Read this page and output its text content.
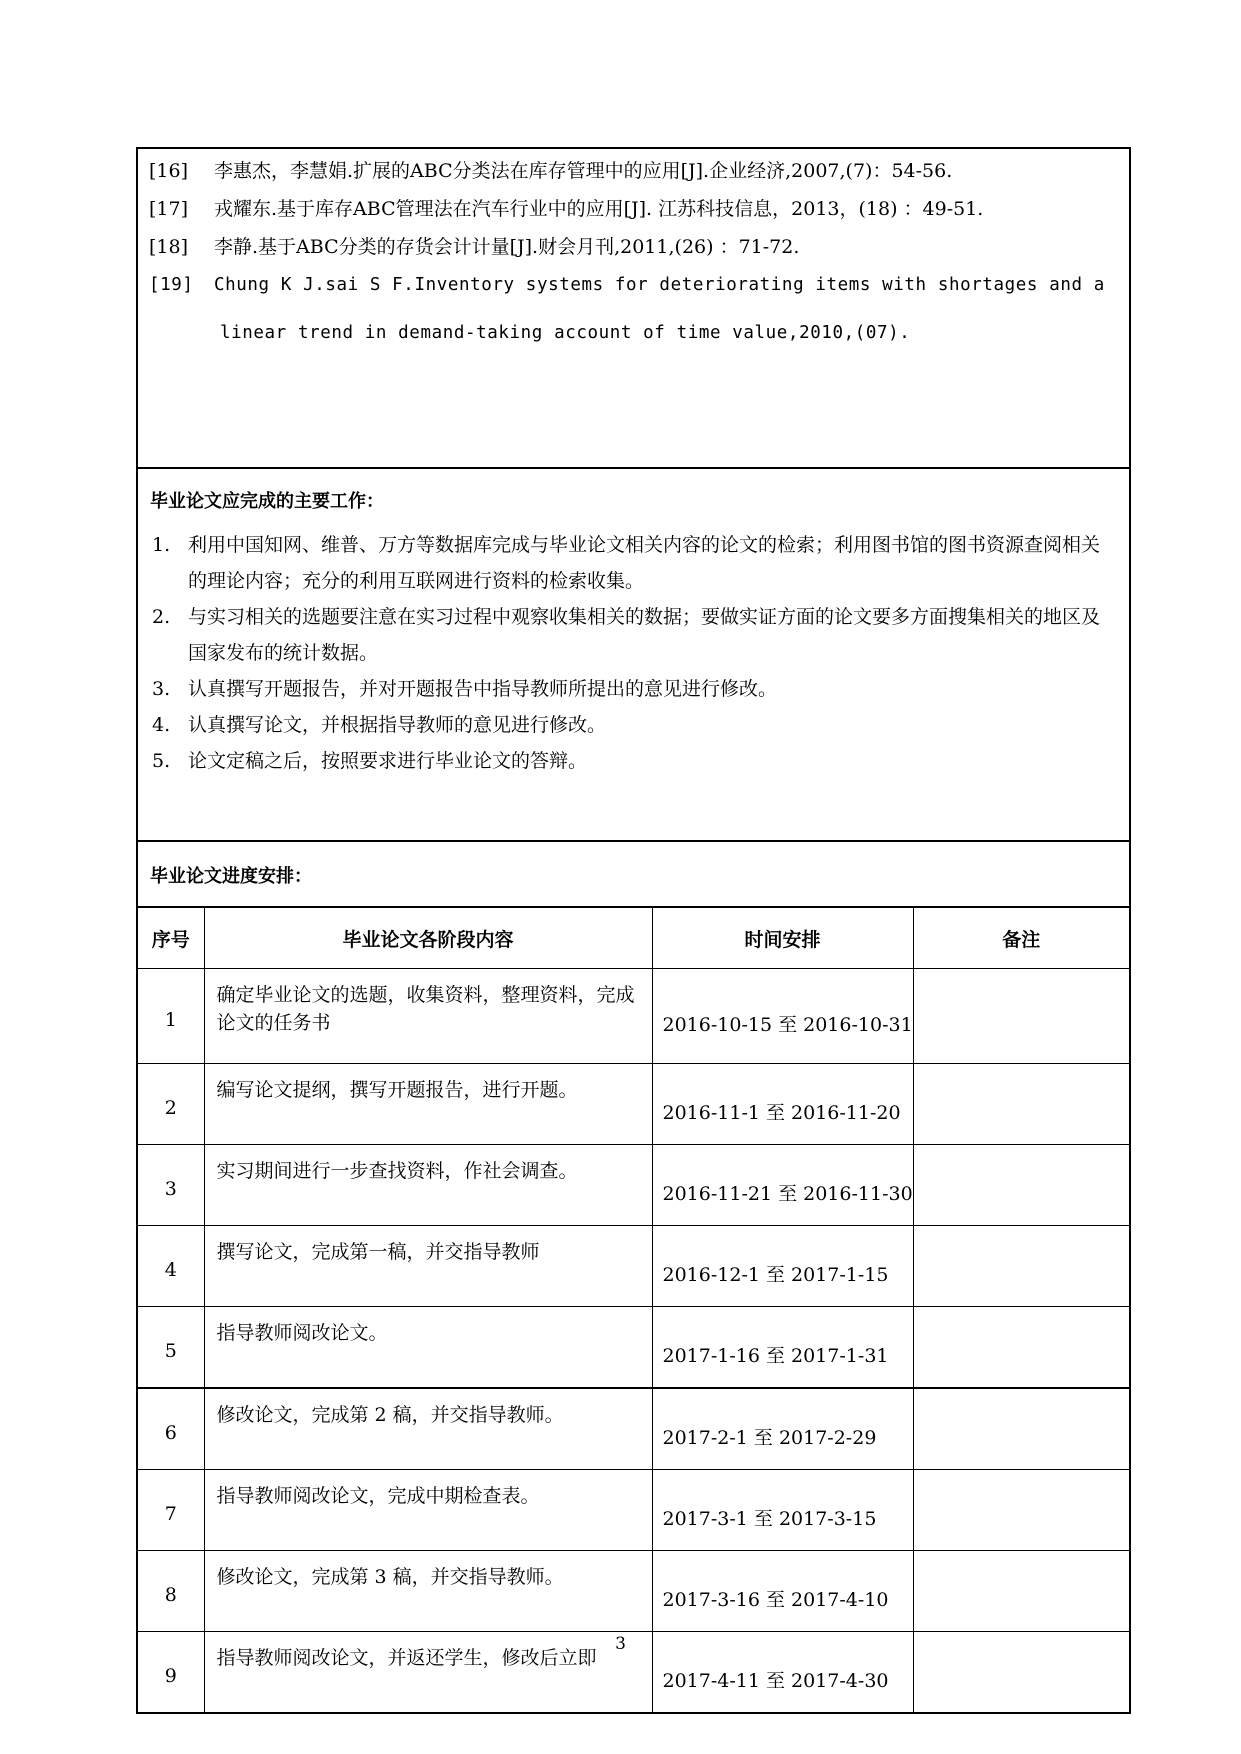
[16] 李惠杰，李慧娟.扩展的ABC分类法在库存管理中的应用[J].企业经济,2007,(7)：54-56.
[17] 戎耀东.基于库存ABC管理法在汽车行业中的应用[J]. 江苏科技信息，2013，(18) ：49-51.
[18] 李静.基于ABC分类的存货会计计量[J].财会月刊,2011,(26) ：71-72.
[19] Chung K J.sai S F.Inventory systems for deteriorating items with shortages and a
linear trend in demand-taking account of time value,2010,(07).
毕业论文应完成的主要工作：
1. 利用中国知网、维普、万方等数据库完成与毕业论文相关内容的论文的检索；利用图书馆的图书资源查阅相关的理论内容；充分的利用互联网进行资料的检索收集。
2. 与实习相关的选题要注意在实习过程中观察收集相关的数据；要做实证方面的论文要多方面搜集相关的地区及国家发布的统计数据。
3. 认真撰写开题报告，并对开题报告中指导教师所提出的意见进行修改。
4. 认真撰写论文，并根据指导教师的意见进行修改。
5. 论文定稿之后，按照要求进行毕业论文的答辩。
毕业论文进度安排：
序号	毕业论文各阶段内容	时间安排	备注
1	确定毕业论文的选题，收集资料，整理资料，完成论文的任务书	2016-10-15 至 2016-10-31	
2	编写论文提纲，撰写开题报告，进行开题。	2016-11-1 至 2016-11-20	
3	实习期间进行一步查找资料，作社会调查。	2016-11-21 至 2016-11-30	
4	撰写论文，完成第一稿，并交指导教师	2016-12-1 至 2017-1-15	
5	指导教师阅改论文。	2017-1-16 至 2017-1-31	
6	修改论文，完成第 2 稿，并交指导教师。	2017-2-1 至 2017-2-29	
7	指导教师阅改论文，完成中期检查表。	2017-3-1 至 2017-3-15	
8	修改论文，完成第 3 稿，并交指导教师。	2017-3-16 至 2017-4-10	
9	指导教师阅改论文，并返还学生，修改后立即	2017-4-11 至 2017-4-30	
3
